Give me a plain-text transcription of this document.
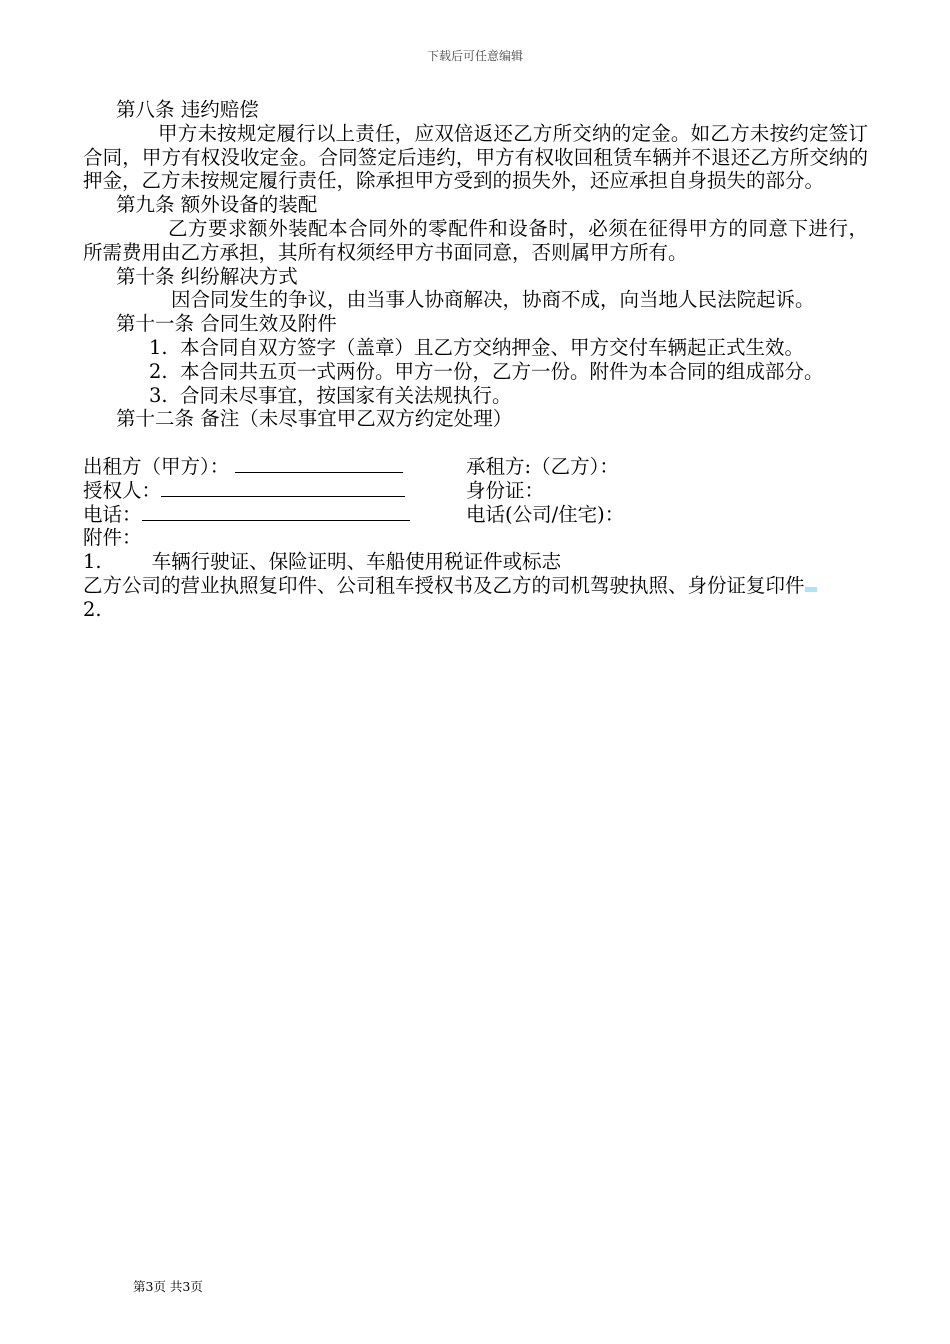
下载后可任意编辑

第八条 违约赔偿

甲方未按规定履行以上责任，应双倍返还乙方所交纳的定金。如乙方未按约定签订合同，甲方有权没收定金。合同签定后违约，甲方有权收回租赁车辆并不退还乙方所交纳的押金，乙方未按规定履行责任，除承担甲方受到的损失外，还应承担自身损失的部分。

第九条 额外设备的装配

乙方要求额外装配本合同外的零配件和设备时，必须在征得甲方的同意下进行，所需费用由乙方承担，其所有权须经甲方书面同意，否则属甲方所有。

第十条 纠纷解决方式

因合同发生的争议，由当事人协商解决，协商不成，向当地人民法院起诉。

第十一条 合同生效及附件

1. 本合同自双方签字（盖章）且乙方交纳押金、甲方交付车辆起正式生效。
2. 本合同共五页一式两份。甲方一份，乙方一份。附件为本合同的组成部分。
3. 合同未尽事宜，按国家有关法规执行。

第十二条 备注（未尽事宜甲乙双方约定处理）

出租方（甲方）：	承租方:（乙方）：
授权人：	身份证：
电话：	电话(公司/住宅)：

附件：

1.	车辆行驶证、保险证明、车船使用税证件或标志

乙方公司的营业执照复印件、公司租车授权书及乙方的司机驾驶执照、身份证复印件

2.

第3页 共3页
